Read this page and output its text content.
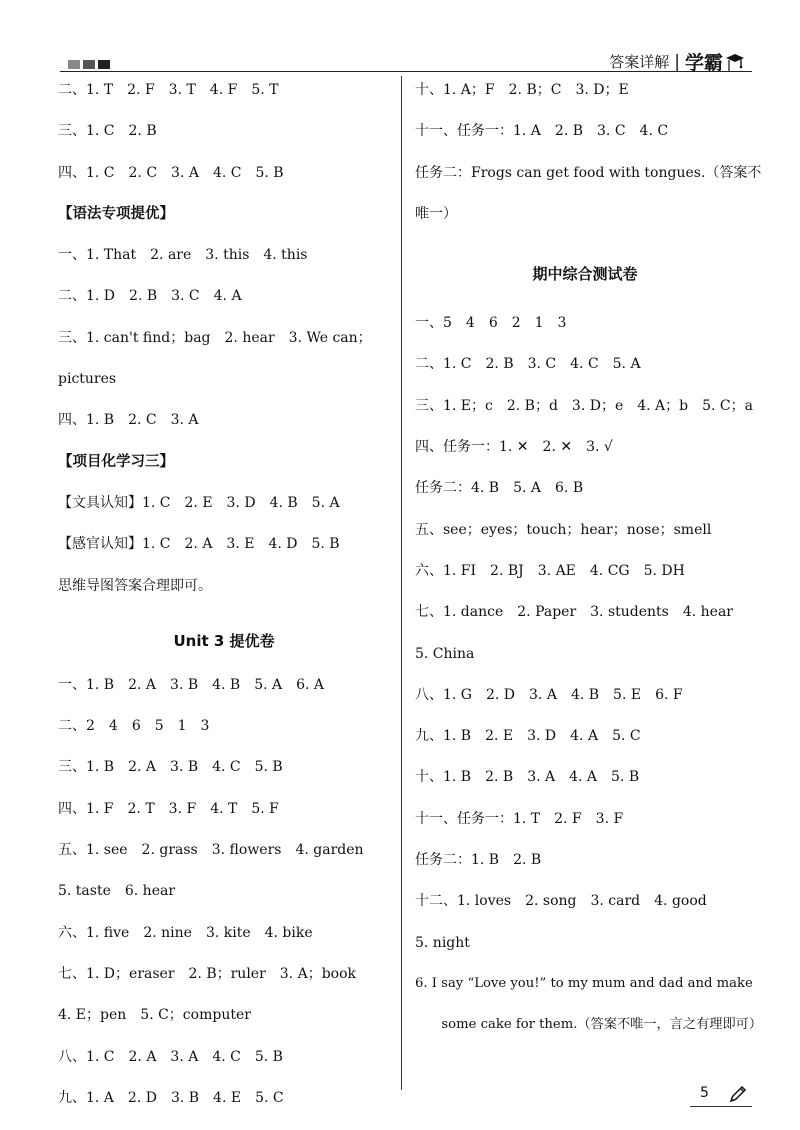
答案详解 | 学霸
二、1. T　2. F　3. T　4. F　5. T
三、1. C　2. B
四、1. C　2. C　3. A　4. C　5. B
【语法专项提优】
一、1. That　2. are　3. this　4. this
二、1. D　2. B　3. C　4. A
三、1. can't find；bag　2. hear　3. We can；
pictures
四、1. B　2. C　3. A
【项目化学习三】
【文具认知】1. C　2. E　3. D　4. B　5. A
【感官认知】1. C　2. A　3. E　4. D　5. B
思维导图答案合理即可。
Unit 3 提优卷
一、1. B　2. A　3. B　4. B　5. A　6. A
二、2　4　6　5　1　3
三、1. B　2. A　3. B　4. C　5. B
四、1. F　2. T　3. F　4. T　5. F
五、1. see　2. grass　3. flowers　4. garden
5. taste　6. hear
六、1. five　2. nine　3. kite　4. bike
七、1. D；eraser　2. B；ruler　3. A；book
4. E；pen　5. C；computer
八、1. C　2. A　3. A　4. C　5. B
九、1. A　2. D　3. B　4. E　5. C
十、1. A；F　2. B；C　3. D；E
十一、任务一：1. A　2. B　3. C　4. C
任务二：Frogs can get food with tongues.（答案不
唯一）
期中综合测试卷
一、5　4　6　2　1　3
二、1. C　2. B　3. C　4. C　5. A
三、1. E；c　2. B；d　3. D；e　4. A；b　5. C；a
四、任务一：1. ✕　2. ✕　3. √
任务二：4. B　5. A　6. B
五、see；eyes；touch；hear；nose；smell
六、1. FI　2. BJ　3. AE　4. CG　5. DH
七、1. dance　2. Paper　3. students　4. hear
5. China
八、1. G　2. D　3. A　4. B　5. E　6. F
九、1. B　2. E　3. D　4. A　5. C
十、1. B　2. B　3. A　4. A　5. B
十一、任务一：1. T　2. F　3. F
任务二：1. B　2. B
十二、1. loves　2. song　3. card　4. good
5. night
6. I say “Love you!” to my mum and dad and make
　　some cake for them.（答案不唯一，言之有理即可）
5
